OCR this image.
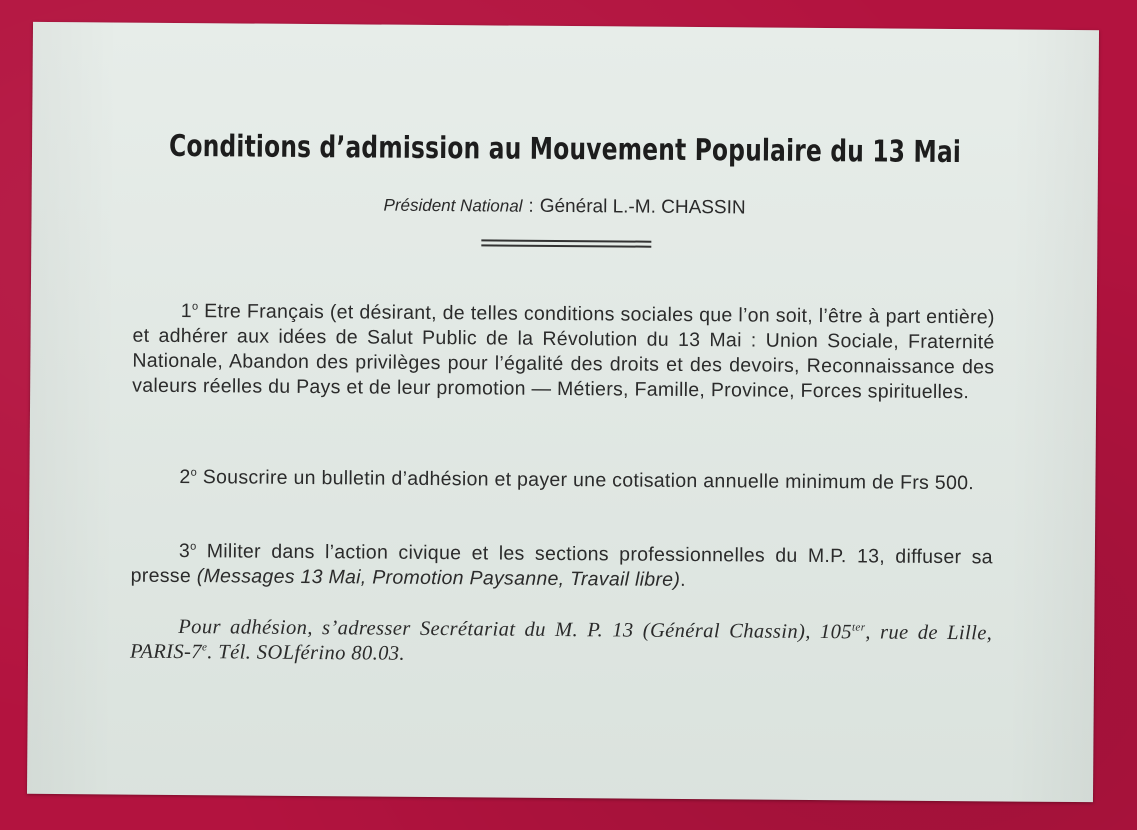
Conditions d’admission au Mouvement Populaire du 13 Mai
Président National : Général L.-M. CHASSIN
1$^o$ Etre Français (et désirant, de telles conditions sociales que l’on soit, l’être à part entière) et adhérer aux idées de Salut Public de la Révolution du 13 Mai : Union Sociale, Fraternité Nationale, Abandon des privilèges pour l’égalité des droits et des devoirs, Reconnaissance des valeurs réelles du Pays et de leur promotion — Métiers, Famille, Province, Forces spirituelles.
2$^o$ Souscrire un bulletin d’adhésion et payer une cotisation annuelle minimum de Frs 500.
3$^o$ Militer dans l’action civique et les sections professionnelles du M.P. 13, diffuser sa presse (Messages 13 Mai, Promotion Paysanne, Travail libre).
Pour adhésion, s’adresser Secrétariat du M. P. 13 (Général Chassin), $105^{ter}$, rue de Lille, PARIS-7e. Tél. SOLférino 80.03.
